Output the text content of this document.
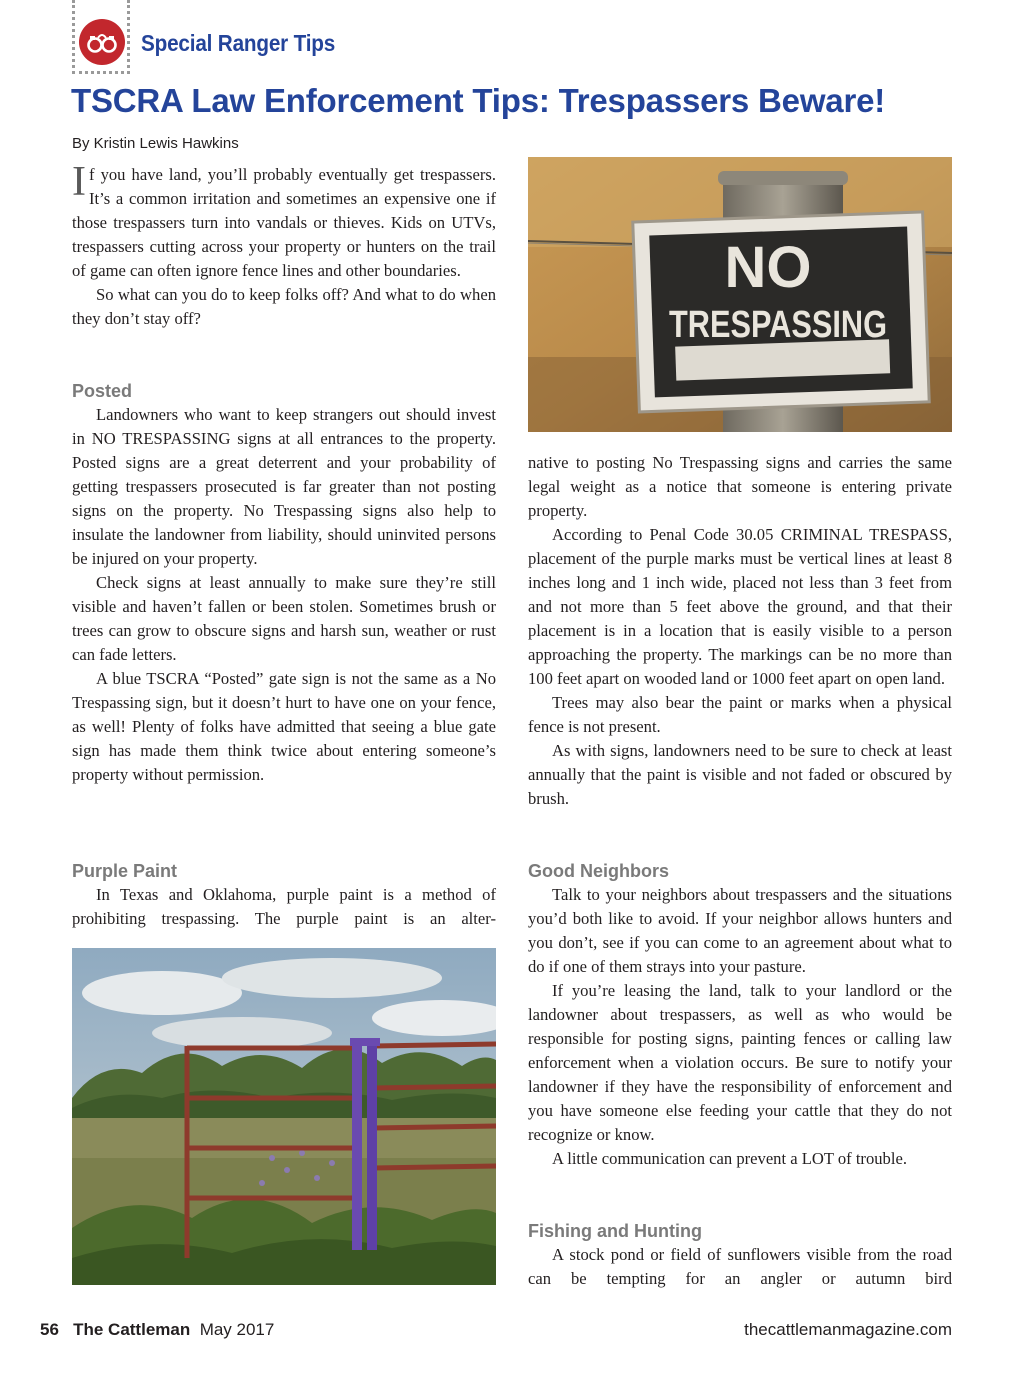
Special Ranger Tips
TSCRA Law Enforcement Tips: Trespassers Beware!
By Kristin Lewis Hawkins

If you have land, you’ll probably eventually get trespassers. It’s a common irritation and sometimes an expensive one if those trespassers turn into vandals or thieves. Kids on UTVs, trespassers cutting across your property or hunters on the trail of game can often ignore fence lines and other boundaries.

So what can you do to keep folks off? And what to do when they don’t stay off?

Posted

Landowners who want to keep strangers out should invest in NO TRESPASSING signs at all entrances to the property. Posted signs are a great deterrent and your probability of getting trespassers prosecuted is far greater than not posting signs on the property. No Trespassing signs also help to insulate the landowner from liability, should uninvited persons be injured on your property.

Check signs at least annually to make sure they’re still visible and haven’t fallen or been stolen. Sometimes brush or trees can grow to obscure signs and harsh sun, weather or rust can fade letters.

A blue TSCRA “Posted” gate sign is not the same as a No Trespassing sign, but it doesn’t hurt to have one on your fence, as well! Plenty of folks have admitted that seeing a blue gate sign has made them think twice about entering someone’s property without permission.

Purple Paint

In Texas and Oklahoma, purple paint is a method of prohibiting trespassing. The purple paint is an alter-

NO
TRESPASSING

native to posting No Trespassing signs and carries the same legal weight as a notice that someone is entering private property.

According to Penal Code 30.05 CRIMINAL TRESPASS, placement of the purple marks must be vertical lines at least 8 inches long and 1 inch wide, placed not less than 3 feet from and not more than 5 feet above the ground, and that their placement is in a location that is easily visible to a person approaching the property. The markings can be no more than 100 feet apart on wooded land or 1000 feet apart on open land.

Trees may also bear the paint or marks when a physical fence is not present.

As with signs, landowners need to be sure to check at least annually that the paint is visible and not faded or obscured by brush.

Good Neighbors

Talk to your neighbors about trespassers and the situations you’d both like to avoid. If your neighbor allows hunters and you don’t, see if you can come to an agreement about what to do if one of them strays into your pasture.

If you’re leasing the land, talk to your landlord or the landowner about trespassers, as well as who would be responsible for posting signs, painting fences or calling law enforcement when a violation occurs. Be sure to notify your landowner if they have the responsibility of enforcement and you have someone else feeding your cattle that they do not recognize or know.

A little communication can prevent a LOT of trouble.

Fishing and Hunting

A stock pond or field of sunflowers visible from the road can be tempting for an angler or autumn bird

56 The Cattleman May 2017	thecattlemanmagazine.com
